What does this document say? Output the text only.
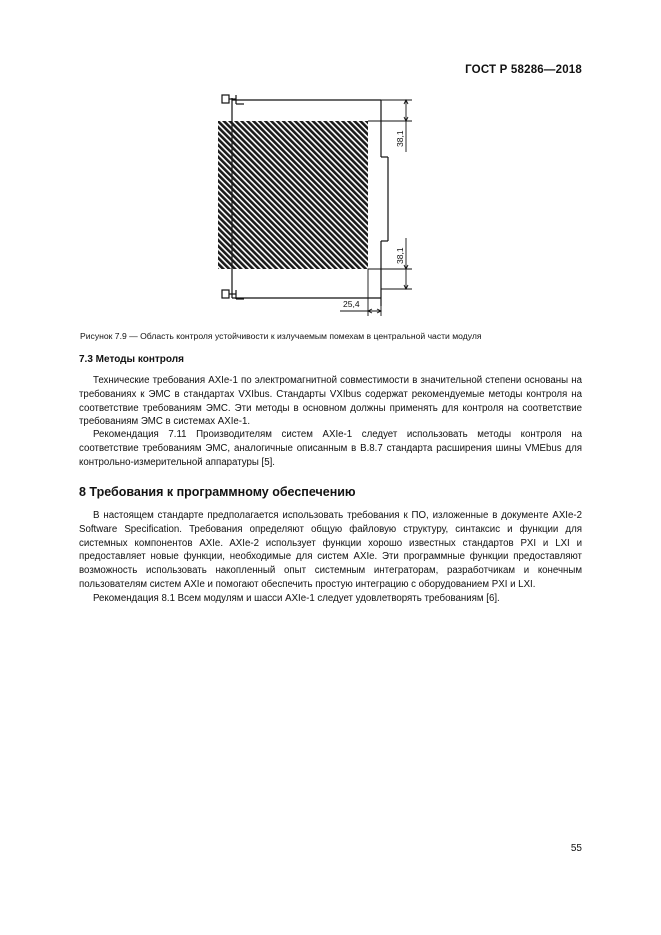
ГОСТ Р 58286—2018
38,1
38,1
25,4
Рисунок 7.9 — Область контроля устойчивости к излучаемым помехам в центральной части модуля
7.3 Методы контроля

Технические требования AXIe-1 по электромагнитной совместимости в значительной степени основаны на требованиях к ЭМС в стандартах VXIbus. Стандарты VXIbus содержат рекомендуемые методы контроля на соответствие требованиям ЭМС. Эти методы в основном должны применять для контроля на соответствие требованиям ЭМС в системах AXIe-1.

Рекомендация 7.11 Производителям систем AXIe-1 следует использовать методы контроля на соответствие требованиям ЭМС, аналогичные описанным в В.8.7 стандарта расширения шины VMEbus для контрольно-измерительной аппаратуры [5].

8 Требования к программному обеспечению

В настоящем стандарте предполагается использовать требования к ПО, изложенные в документе AXIe-2 Software Specification. Требования определяют общую файловую структуру, синтаксис и функции для системных компонентов AXIe. AXIe-2 использует функции хорошо известных стандартов PXI и LXI и предоставляет новые функции, необходимые для систем AXIe. Эти программные функции предоставляют возможность использовать накопленный опыт системным интеграторам, разработчикам и конечным пользователям систем AXIe и помогают обеспечить простую интеграцию с оборудованием PXI и LXI.

Рекомендация 8.1 Всем модулям и шасси AXIe-1 следует удовлетворять требованиям [6].

55
